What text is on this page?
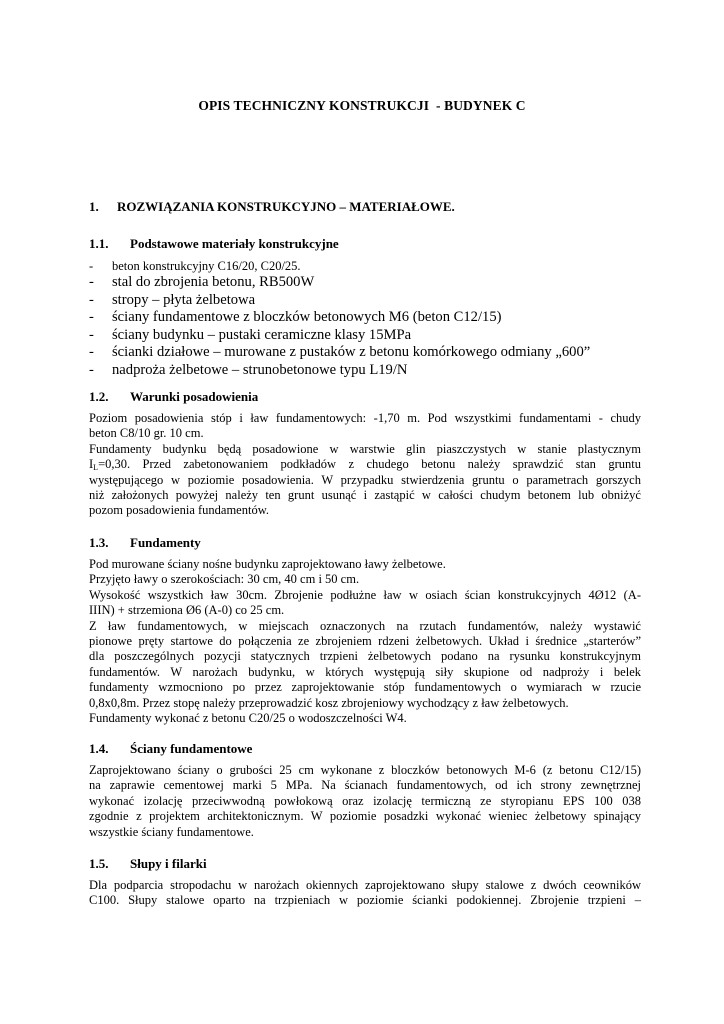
OPIS TECHNICZNY KONSTRUKCJI  - BUDYNEK C
1. ROZWIĄZANIA KONSTRUKCYJNO – MATERIAŁOWE.
1.1. Podstawowe materiały konstrukcyjne
- beton konstrukcyjny C16/20, C20/25.
- stal do zbrojenia betonu, RB500W
- stropy – płyta żelbetowa
- ściany fundamentowe z bloczków betonowych M6 (beton C12/15)
- ściany budynku – pustaki ceramiczne klasy 15MPa
- ścianki działowe – murowane z pustaków z betonu komórkowego odmiany „600”
- nadproża żelbetowe – strunobetonowe typu L19/N
1.2. Warunki posadowienia
Poziom posadowienia stóp i ław fundamentowych: -1,70 m. Pod wszystkimi fundamentami - chudy
beton C8/10 gr. 10 cm.
Fundamenty budynku będą posadowione w warstwie glin piaszczystych w stanie plastycznym
$I_L=0,30$. Przed zabetonowaniem podkładów z chudego betonu należy sprawdzić stan gruntu
występującego w poziomie posadowienia. W przypadku stwierdzenia gruntu o parametrach gorszych
niż założonych powyżej należy ten grunt usunąć i zastąpić w całości chudym betonem lub obniżyć
pozom posadowienia fundamentów.
1.3. Fundamenty
Pod murowane ściany nośne budynku zaprojektowano ławy żelbetowe.
Przyjęto ławy o szerokościach: 30 cm, 40 cm i 50 cm.
Wysokość wszystkich ław 30cm. Zbrojenie podłużne ław w osiach ścian konstrukcyjnych 4Ø12 (A-
IIIN) + strzemiona Ø6 (A-0) co 25 cm.
Z ław fundamentowych, w miejscach oznaczonych na rzutach fundamentów, należy wystawić
pionowe pręty startowe do połączenia ze zbrojeniem rdzeni żelbetowych. Układ i średnice „starterów”
dla poszczególnych pozycji statycznych trzpieni żelbetowych podano na rysunku konstrukcyjnym
fundamentów. W narożach budynku, w których występują siły skupione od nadproży i belek
fundamenty wzmocniono po przez zaprojektowanie stóp fundamentowych o wymiarach w rzucie
0,8x0,8m. Przez stopę należy przeprowadzić kosz zbrojeniowy wychodzący z ław żelbetowych.
Fundamenty wykonać z betonu C20/25 o wodoszczelności W4.
1.4. Ściany fundamentowe
Zaprojektowano ściany o grubości 25 cm wykonane z bloczków betonowych M-6 (z betonu C12/15)
na zaprawie cementowej marki 5 MPa. Na ścianach fundamentowych, od ich strony zewnętrznej
wykonać izolację przeciwwodną powłokową oraz izolację termiczną ze styropianu EPS 100 038
zgodnie z projektem architektonicznym. W poziomie posadzki wykonać wieniec żelbetowy spinający
wszystkie ściany fundamentowe.
1.5. Słupy i filarki
Dla podparcia stropodachu w narożach okiennych zaprojektowano słupy stalowe z dwóch ceowników
C100. Słupy stalowe oparto na trzpieniach w poziomie ścianki podokiennej. Zbrojenie trzpieni –
